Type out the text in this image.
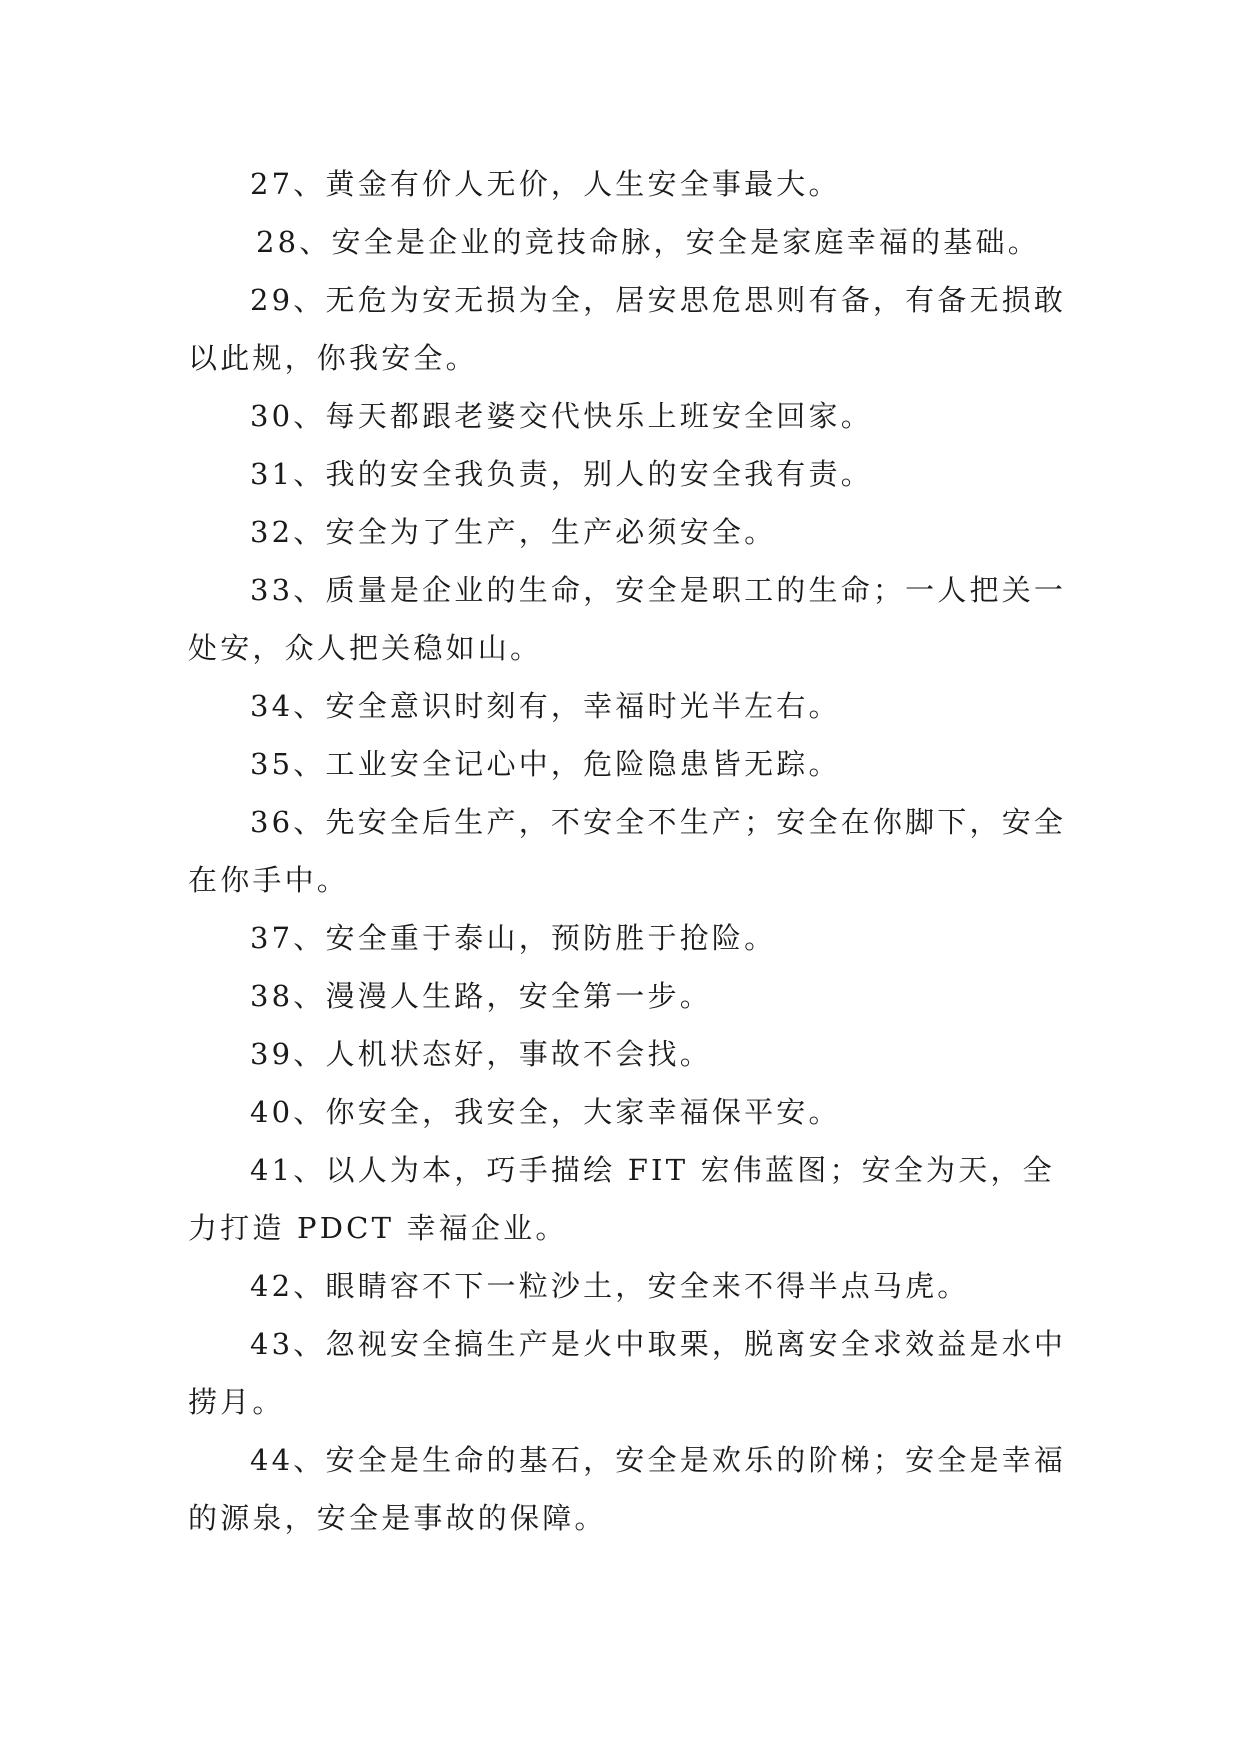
27、黄金有价人无价，人生安全事最大。

28、安全是企业的竞技命脉，安全是家庭幸福的基础。

29、无危为安无损为全，居安思危思则有备，有备无损敢以此规，你我安全。

30、每天都跟老婆交代快乐上班安全回家。

31、我的安全我负责，别人的安全我有责。

32、安全为了生产，生产必须安全。

33、质量是企业的生命，安全是职工的生命；一人把关一处安，众人把关稳如山。

34、安全意识时刻有，幸福时光半左右。

35、工业安全记心中，危险隐患皆无踪。

36、先安全后生产，不安全不生产；安全在你脚下，安全在你手中。

37、安全重于泰山，预防胜于抢险。

38、漫漫人生路，安全第一步。

39、人机状态好，事故不会找。

40、你安全，我安全，大家幸福保平安。

41、以人为本，巧手描绘 FIT 宏伟蓝图；安全为天，全力打造 PDCT 幸福企业。

42、眼睛容不下一粒沙土，安全来不得半点马虎。

43、忽视安全搞生产是火中取栗，脱离安全求效益是水中捞月。

44、安全是生命的基石，安全是欢乐的阶梯；安全是幸福的源泉，安全是事故的保障。
